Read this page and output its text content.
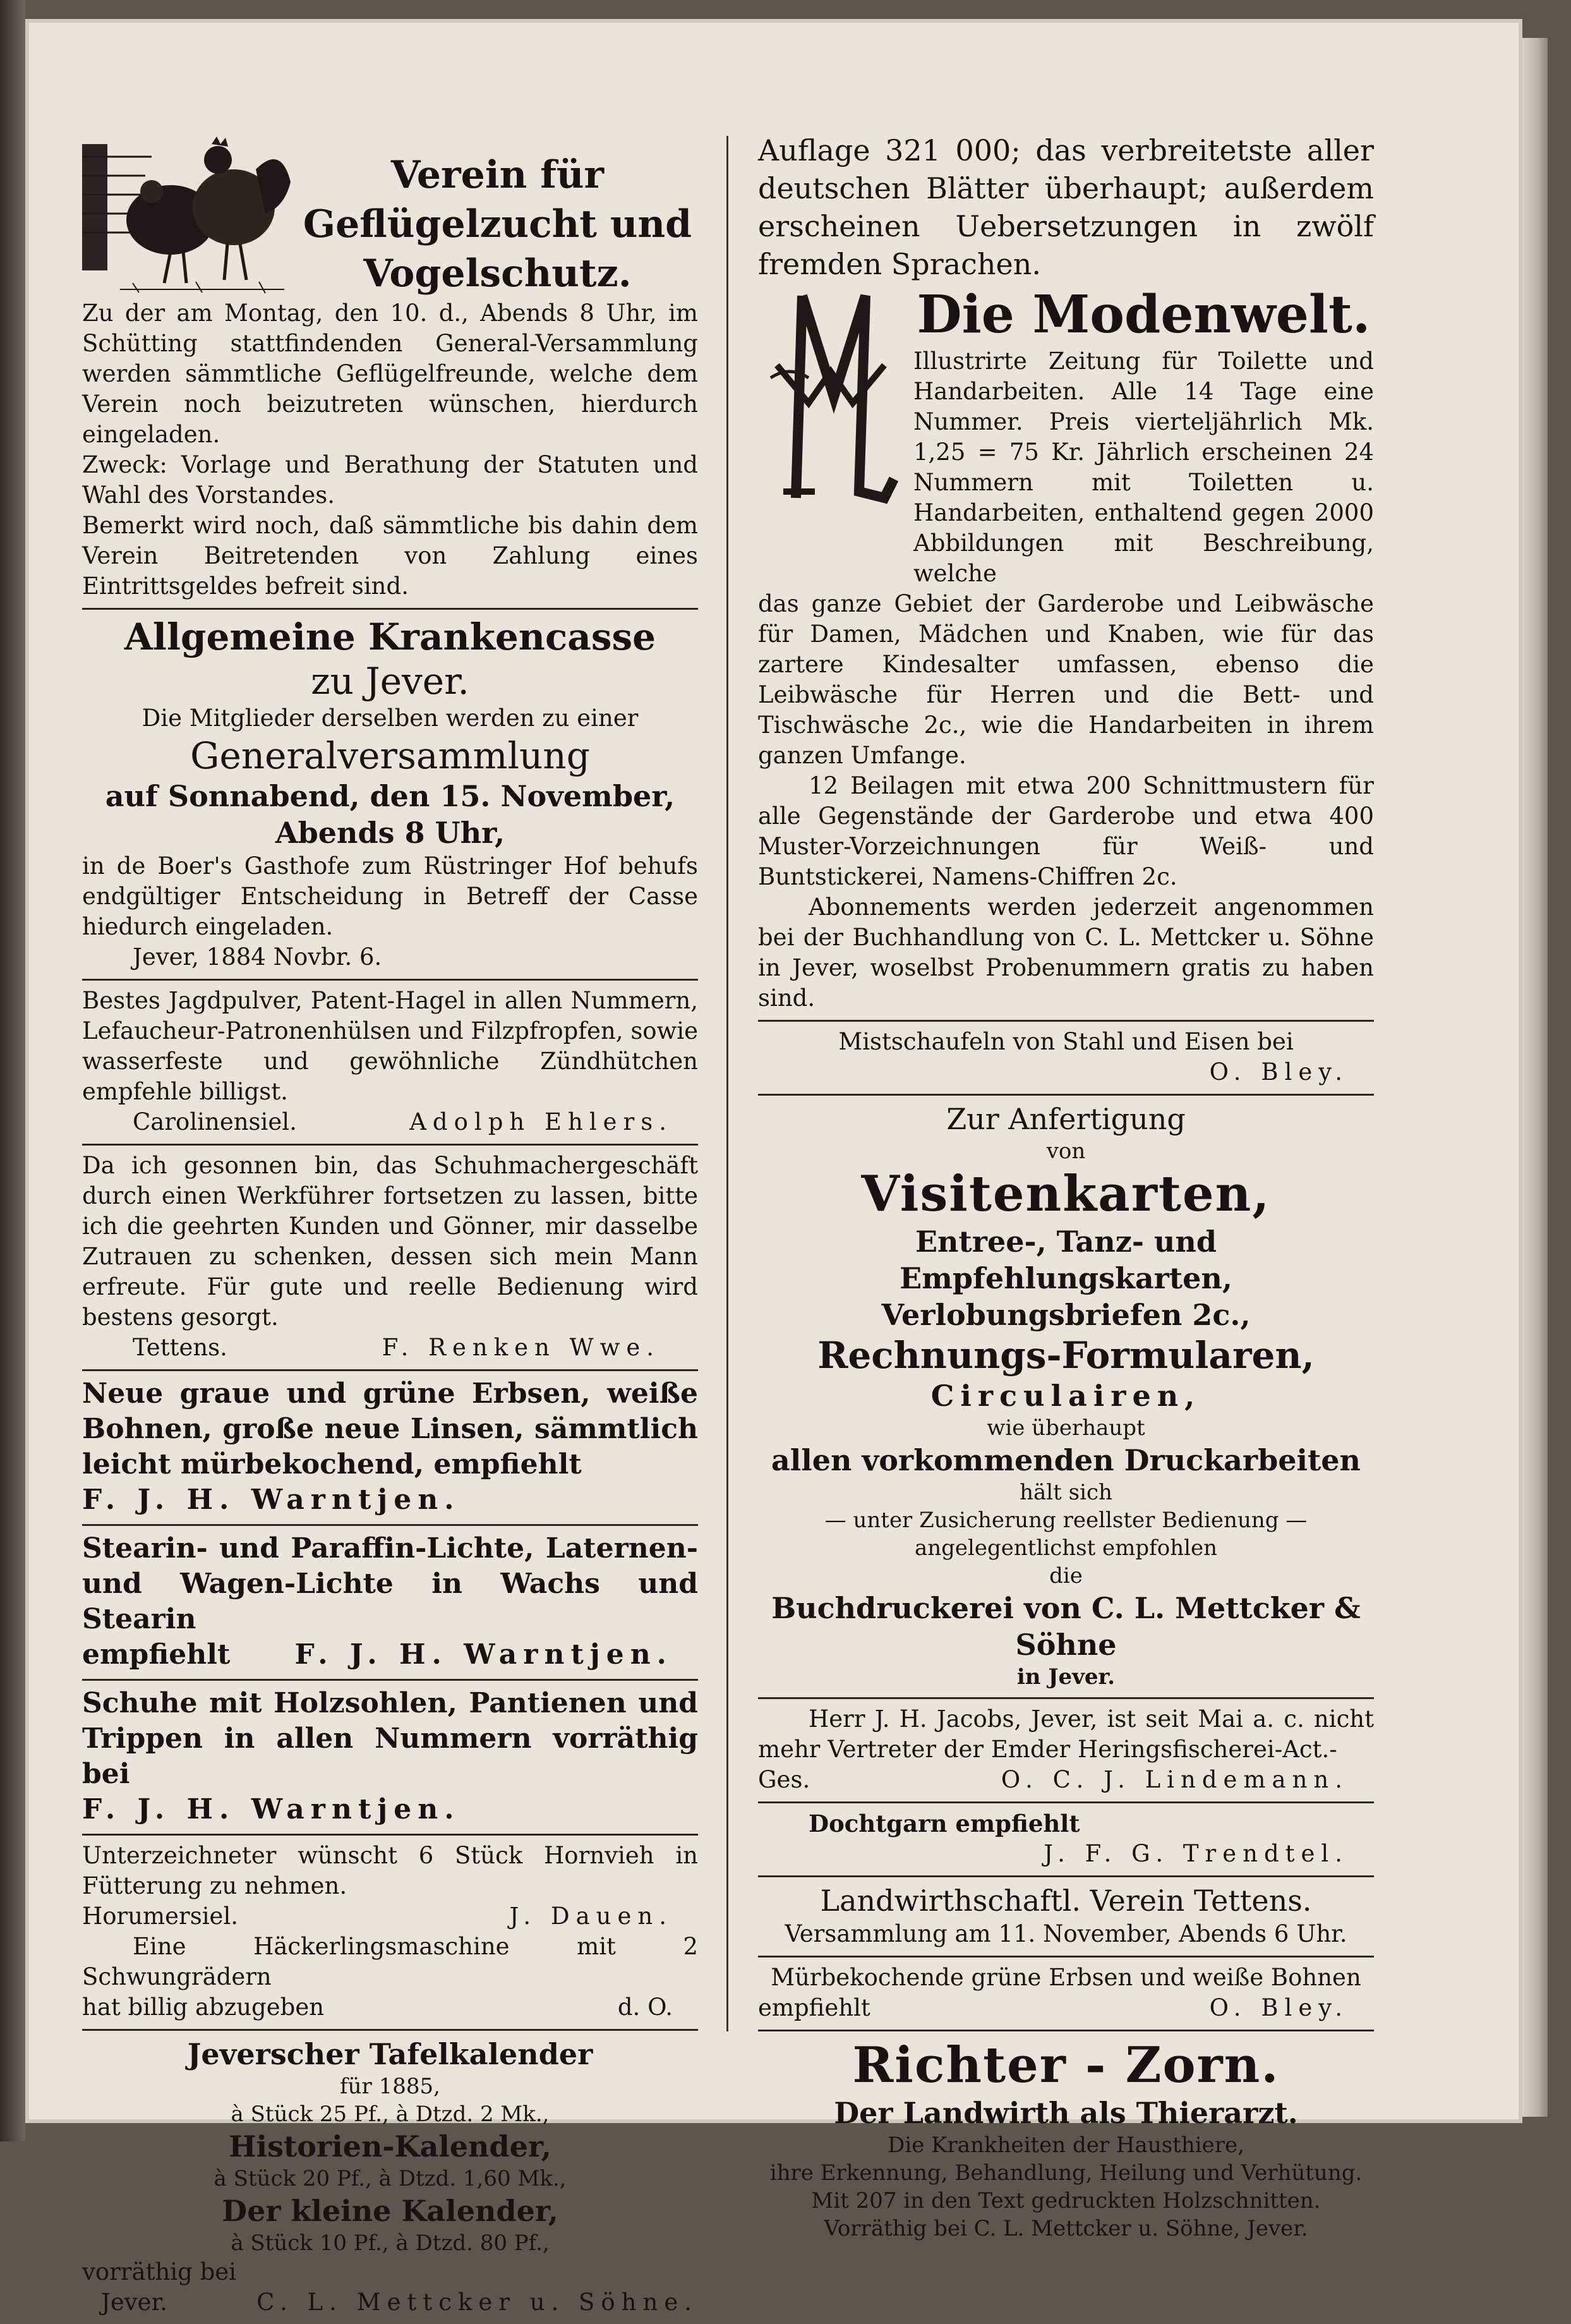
Verein für
Geflügelzucht und
Vogelschutz.

Zu der am Montag, den 10. d., Abends 8 Uhr, im Schütting stattfindenden General-Versammlung werden sämmtliche Geflügelfreunde, welche dem Verein noch beizutreten wünschen, hierdurch eingeladen.

Zweck: Vorlage und Berathung der Statuten und Wahl des Vorstandes.

Bemerkt wird noch, daß sämmtliche bis dahin dem Verein Beitretenden von Zahlung eines Eintrittsgeldes befreit sind.

Allgemeine Krankencasse
zu Jever.

Die Mitglieder derselben werden zu einer

Generalversammlung
auf Sonnabend, den 15. November,
Abends 8 Uhr,

in de Boer's Gasthofe zum Rüstringer Hof behufs endgültiger Entscheidung in Betreff der Casse hiedurch eingeladen.

Jever, 1884 Novbr. 6.

Bestes Jagdpulver, Patent-Hagel in allen Nummern, Lefaucheur-Patronenhülsen und Filzpfropfen, sowie wasserfeste und gewöhnliche Zündhütchen empfehle billigst.

Carolinensiel.	Adolph Ehlers.

Da ich gesonnen bin, das Schuhmachergeschäft durch einen Werkführer fortsetzen zu lassen, bitte ich die geehrten Kunden und Gönner, mir dasselbe Zutrauen zu schenken, dessen sich mein Mann erfreute. Für gute und reelle Bedienung wird bestens gesorgt.

Tettens.	F. Renken Wwe.

Neue graue und grüne Erbsen, weiße Bohnen, große neue Linsen, sämmtlich leicht mürbekochend, empfiehlt

F. J. H. Warntjen.

Stearin- und Paraffin-Lichte, Laternen- und Wagen-Lichte in Wachs und Stearin

empfiehlt F. J. H. Warntjen.

Schuhe mit Holzsohlen, Pantienen und Trippen in allen Nummern vorräthig bei

F. J. H. Warntjen.

Unterzeichneter wünscht 6 Stück Hornvieh in Fütterung zu nehmen.

Horumersiel.	J. Dauen.

Eine Häckerlingsmaschine mit 2 Schwungrädern

hat billig abzugeben	d. O.
Jeverscher Tafelkalender
für 1885,
à Stück 25 Pf., à Dtzd. 2 Mk.,
Historien-Kalender,
à Stück 20 Pf., à Dtzd. 1,60 Mk.,
Der kleine Kalender,
à Stück 10 Pf., à Dtzd. 80 Pf.,

vorräthig bei

Jever.	C. L. Mettcker u. Söhne.

Auflage 321 000; das verbreitetste aller deutschen Blätter überhaupt; außerdem erscheinen Uebersetzungen in zwölf fremden Sprachen.

Die Modenwelt.

Illustrirte Zeitung für Toilette und Handarbeiten. Alle 14 Tage eine Nummer. Preis vierteljährlich Mk. 1,25 = 75 Kr. Jährlich erscheinen 24 Nummern mit Toiletten u. Handarbeiten, enthaltend gegen 2000 Abbildungen mit Beschreibung, welche

das ganze Gebiet der Garderobe und Leibwäsche für Damen, Mädchen und Knaben, wie für das zartere Kindesalter umfassen, ebenso die Leibwäsche für Herren und die Bett- und Tischwäsche 2c., wie die Handarbeiten in ihrem ganzen Umfange.

12 Beilagen mit etwa 200 Schnittmustern für alle Gegenstände der Garderobe und etwa 400 Muster-Vorzeichnungen für Weiß- und Buntstickerei, Namens-Chiffren 2c.

Abonnements werden jederzeit angenommen bei der Buchhandlung von C. L. Mettcker u. Söhne in Jever, woselbst Probenummern gratis zu haben sind.

Mistschaufeln von Stahl und Eisen bei

O. Bley.
Zur Anfertigung
von
Visitenkarten,
Entree-, Tanz- und Empfehlungskarten,
Verlobungsbriefen 2c.,
Rechnungs-Formularen,
Circulairen,
wie überhaupt
allen vorkommenden Druckarbeiten
hält sich
— unter Zusicherung reellster Bedienung —
angelegentlichst empfohlen
die
Buchdruckerei von C. L. Mettcker & Söhne
in Jever.

Herr J. H. Jacobs, Jever, ist seit Mai a. c. nicht mehr Vertreter der Emder Heringsfischerei-Act.-

Ges.	O. C. J. Lindemann.

Dochtgarn empfiehlt

J. F. G. Trendtel.
Landwirthschaftl. Verein Tettens.

Versammlung am 11. November, Abends 6 Uhr.

Mürbekochende grüne Erbsen und weiße Bohnen

empfiehlt	O. Bley.
Richter - Zorn.
Der Landwirth als Thierarzt.
Die Krankheiten der Hausthiere,
ihre Erkennung, Behandlung, Heilung und Verhütung.
Mit 207 in den Text gedruckten Holzschnitten.
Vorräthig bei C. L. Mettcker u. Söhne, Jever.
